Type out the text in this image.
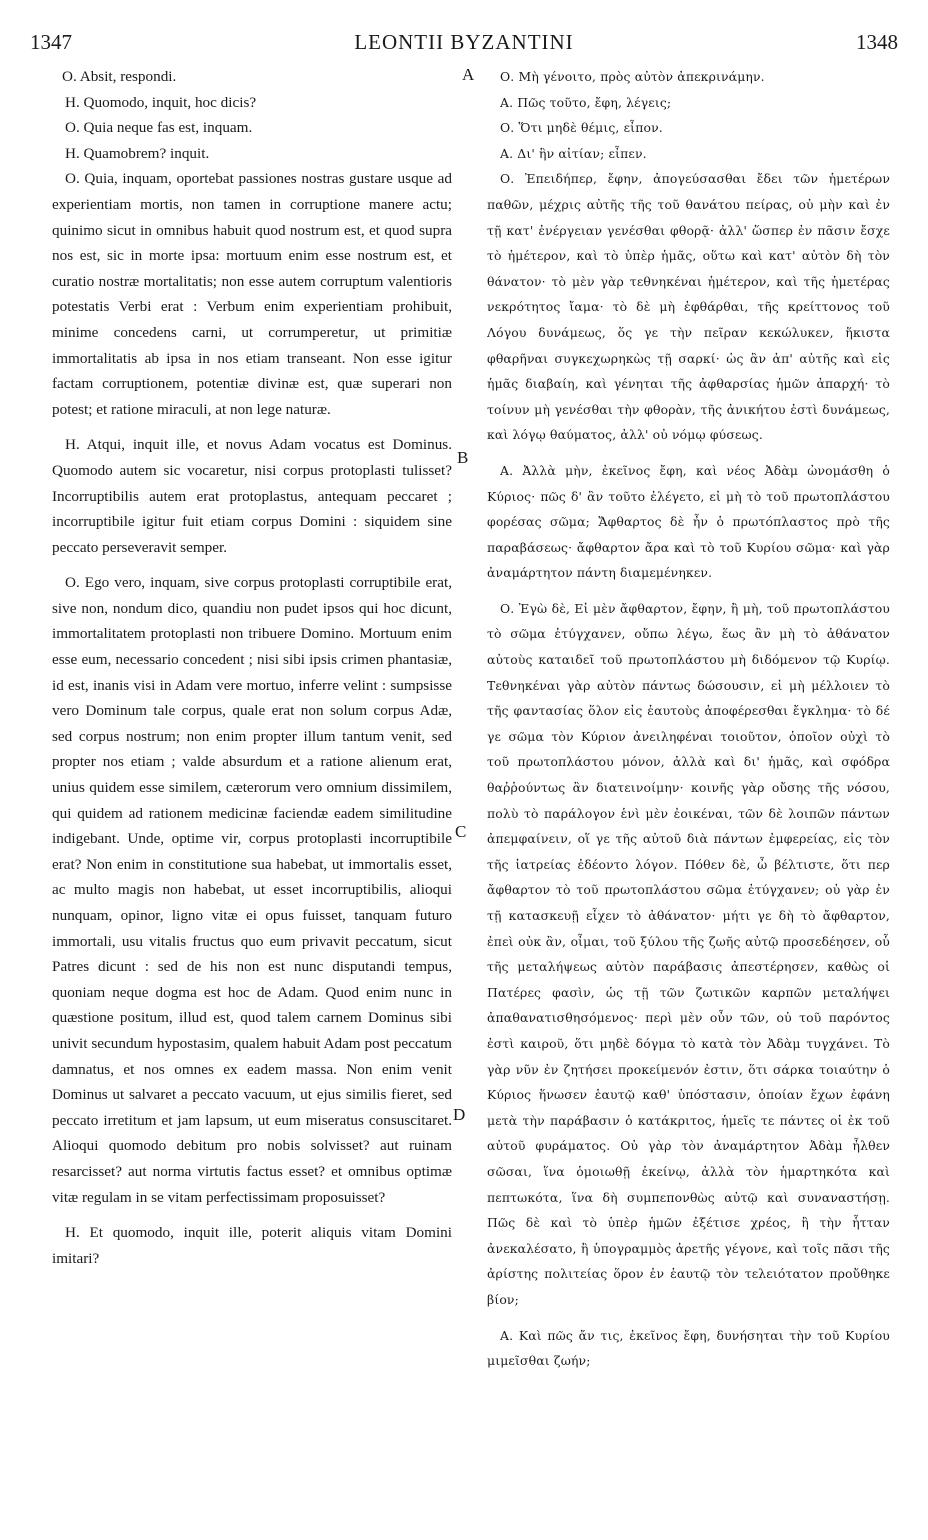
1347	LEONTII BYZANTINI	1348
A
B
C
D

O. Absit, respondi.

H. Quomodo, inquit, hoc dicis?

O. Quia neque fas est, inquam.

H. Quamobrem? inquit.

O. Quia, inquam, oportebat passiones nostras gustare usque ad experientiam mortis, non tamen in corruptione manere actu; quinimo sicut in omnibus habuit quod nostrum est, et quod supra nos est, sic in morte ipsa: mortuum enim esse nostrum est, et curatio nostræ mortalitatis; non esse autem corruptum valentioris potestatis Verbi erat : Verbum enim experientiam prohibuit, minime concedens carni, ut corrumperetur, ut primitiæ immortalitatis ab ipsa in nos etiam transeant. Non esse igitur factam corruptionem, potentiæ divinæ est, quæ superari non potest; et ratione miraculi, at non lege naturæ.

H. Atqui, inquit ille, et novus Adam vocatus est Dominus. Quomodo autem sic vocaretur, nisi corpus protoplasti tulisset? Incorruptibilis autem erat protoplastus, antequam peccaret ; incorruptibile igitur fuit etiam corpus Domini : siquidem sine peccato perseveravit semper.

O. Ego vero, inquam, sive corpus protoplasti corruptibile erat, sive non, nondum dico, quandiu non pudet ipsos qui hoc dicunt, immortalitatem protoplasti non tribuere Domino. Mortuum enim esse eum, necessario concedent ; nisi sibi ipsis crimen phantasiæ, id est, inanis visi in Adam vere mortuo, inferre velint : sumpsisse vero Dominum tale corpus, quale erat non solum corpus Adæ, sed corpus nostrum; non enim propter illum tantum venit, sed propter nos etiam ; valde absurdum et a ratione alienum erat, unius quidem esse similem, cæterorum vero omnium dissimilem, qui quidem ad rationem medicinæ faciendæ eadem similitudine indigebant. Unde, optime vir, corpus protoplasti incorruptibile erat? Non enim in constitutione sua habebat, ut immortalis esset, ac multo magis non habebat, ut esset incorruptibilis, alioqui nunquam, opinor, ligno vitæ ei opus fuisset, tanquam futuro immortali, usu vitalis fructus quo eum privavit peccatum, sicut Patres dicunt : sed de his non est nunc disputandi tempus, quoniam neque dogma est hoc de Adam. Quod enim nunc in quæstione positum, illud est, quod talem carnem Dominus sibi univit secundum hypostasim, qualem habuit Adam post peccatum damnatus, et nos omnes ex eadem massa. Non enim venit Dominus ut salvaret a peccato vacuum, ut ejus similis fieret, sed peccato irretitum et jam lapsum, ut eum miseratus consuscitaret. Alioqui quomodo debitum pro nobis solvisset? aut ruinam resarcisset? aut norma virtutis factus esset? et omnibus optimæ vitæ regulam in se vitam perfectissimam proposuisset?

H. Et quomodo, inquit ille, poterit aliquis vitam Domini imitari?

Ο. Μὴ γένοιτο, πρὸς αὐτὸν ἀπεκρινάμην.

Α. Πῶς τοῦτο, ἔφη, λέγεις;

Ο. Ὅτι μηδὲ θέμις, εἶπον.

Α. Δι' ἣν αἰτίαν; εἶπεν.

Ο. Ἐπειδήπερ, ἔφην, ἀπογεύσασθαι ἔδει τῶν ἡμετέρων παθῶν, μέχρις αὐτῆς τῆς τοῦ θανάτου πείρας, οὐ μὴν καὶ ἐν τῇ κατ' ἐνέργειαν γενέσθαι φθορᾷ· ἀλλ' ὥσπερ ἐν πᾶσιν ἔσχε τὸ ἡμέτερον, καὶ τὸ ὑπὲρ ἡμᾶς, οὕτω καὶ κατ' αὐτὸν δὴ τὸν θάνατον· τὸ μὲν γὰρ τεθνηκέναι ἡμέτερον, καὶ τῆς ἡμετέρας νεκρότητος ἴαμα· τὸ δὲ μὴ ἐφθάρθαι, τῆς κρείττονος τοῦ Λόγου δυνάμεως, ὅς γε τὴν πεῖραν κεκώλυκεν, ἥκιστα φθαρῆναι συγκεχωρηκὼς τῇ σαρκί· ὡς ἂν ἀπ' αὐτῆς καὶ εἰς ἡμᾶς διαβαίη, καὶ γένηται τῆς ἀφθαρσίας ἡμῶν ἀπαρχή· τὸ τοίνυν μὴ γενέσθαι τὴν φθορὰν, τῆς ἀνικήτου ἐστὶ δυνάμεως, καὶ λόγῳ θαύματος, ἀλλ' οὐ νόμῳ φύσεως.

Α. Ἀλλὰ μὴν, ἐκεῖνος ἔφη, καὶ νέος Ἀδὰμ ὠνομάσθη ὁ Κύριος· πῶς δ' ἂν τοῦτο ἐλέγετο, εἰ μὴ τὸ τοῦ πρωτοπλάστου φορέσας σῶμα; Ἄφθαρτος δὲ ἦν ὁ πρωτόπλαστος πρὸ τῆς παραβάσεως· ἄφθαρτον ἄρα καὶ τὸ τοῦ Κυρίου σῶμα· καὶ γὰρ ἀναμάρτητον πάντη διαμεμένηκεν.

Ο. Ἐγὼ δὲ, Εἰ μὲν ἄφθαρτον, ἔφην, ἢ μὴ, τοῦ πρωτοπλάστου τὸ σῶμα ἐτύγχανεν, οὔπω λέγω, ἕως ἂν μὴ τὸ ἀθάνατον αὐτοὺς καταιδεῖ τοῦ πρωτοπλάστου μὴ διδόμενον τῷ Κυρίῳ. Τεθνηκέναι γὰρ αὐτὸν πάντως δώσουσιν, εἰ μὴ μέλλοιεν τὸ τῆς φαντασίας ὅλον εἰς ἑαυτοὺς ἀποφέρεσθαι ἔγκλημα· τὸ δέ γε σῶμα τὸν Κύριον ἀνειληφέναι τοιοῦτον, ὁποῖον οὐχὶ τὸ τοῦ πρωτοπλάστου μόνον, ἀλλὰ καὶ δι' ἡμᾶς, καὶ σφόδρα θαῤῥούντως ἂν διατεινοίμην· κοινῆς γὰρ οὔσης τῆς νόσου, πολὺ τὸ παράλογον ἑνὶ μὲν ἐοικέναι, τῶν δὲ λοιπῶν πάντων ἀπεμφαίνειν, οἵ γε τῆς αὐτοῦ διὰ πάντων ἐμφερείας, εἰς τὸν τῆς ἰατρείας ἐδέοντο λόγον. Πόθεν δὲ, ὦ βέλτιστε, ὅτι περ ἄφθαρτον τὸ τοῦ πρωτοπλάστου σῶμα ἐτύγχανεν; οὐ γὰρ ἐν τῇ κατασκευῇ εἶχεν τὸ ἀθάνατον· μήτι γε δὴ τὸ ἄφθαρτον, ἐπεὶ οὐκ ἂν, οἶμαι, τοῦ ξύλου τῆς ζωῆς αὐτῷ προσεδέησεν, οὗ τῆς μεταλήψεως αὐτὸν παράβασις ἀπεστέρησεν, καθὼς οἱ Πατέρες φασὶν, ὡς τῇ τῶν ζωτικῶν καρπῶν μεταλήψει ἀπαθανατισθησόμενος· περὶ μὲν οὖν τῶν, οὐ τοῦ παρόντος ἐστὶ καιροῦ, ὅτι μηδὲ δόγμα τὸ κατὰ τὸν Ἀδὰμ τυγχάνει. Τὸ γὰρ νῦν ἐν ζητήσει προκείμενόν ἐστιν, ὅτι σάρκα τοιαύτην ὁ Κύριος ἥνωσεν ἑαυτῷ καθ' ὑπόστασιν, ὁποίαν ἔχων ἐφάνη μετὰ τὴν παράβασιν ὁ κατάκριτος, ἡμεῖς τε πάντες οἱ ἐκ τοῦ αὐτοῦ φυράματος. Οὐ γὰρ τὸν ἀναμάρτητον Ἀδὰμ ἦλθεν σῶσαι, ἵνα ὁμοιωθῇ ἐκείνῳ, ἀλλὰ τὸν ἡμαρτηκότα καὶ πεπτωκότα, ἵνα δὴ συμπεπονθὼς αὐτῷ καὶ συναναστήσῃ. Πῶς δὲ καὶ τὸ ὑπὲρ ἡμῶν ἐξέτισε χρέος, ἢ τὴν ἧτταν ἀνεκαλέσατο, ἢ ὑπογραμμὸς ἀρετῆς γέγονε, καὶ τοῖς πᾶσι τῆς ἀρίστης πολιτείας ὅρον ἐν ἑαυτῷ τὸν τελειότατον προὔθηκε βίον;

Α. Καὶ πῶς ἄν τις, ἐκεῖνος ἔφη, δυνήσηται τὴν τοῦ Κυρίου μιμεῖσθαι ζωήν;
